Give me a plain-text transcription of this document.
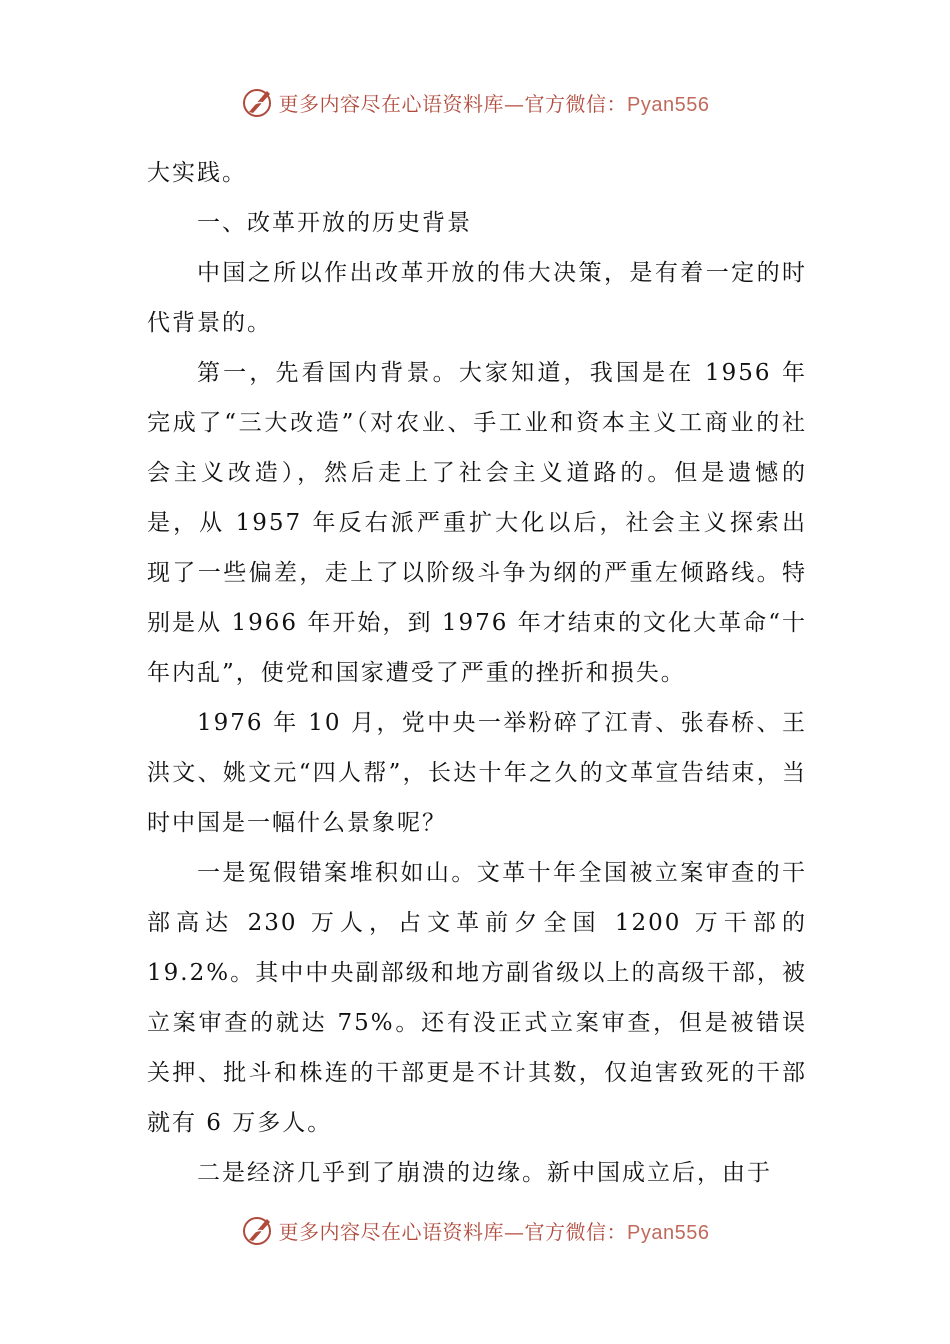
更多内容尽在心语资料库—官方微信：Pyan556

大实践。

一、改革开放的历史背景

中国之所以作出改革开放的伟大决策，是有着一定的时代背景的。

第一，先看国内背景。大家知道，我国是在 1956 年完成了“三大改造”（对农业、手工业和资本主义工商业的社会主义改造），然后走上了社会主义道路的。但是遗憾的是，从 1957 年反右派严重扩大化以后，社会主义探索出现了一些偏差，走上了以阶级斗争为纲的严重左倾路线。特别是从 1966 年开始，到 1976 年才结束的文化大革命“十年内乱”，使党和国家遭受了严重的挫折和损失。

1976 年 10 月，党中央一举粉碎了江青、张春桥、王洪文、姚文元“四人帮”，长达十年之久的文革宣告结束，当时中国是一幅什么景象呢？

一是冤假错案堆积如山。文革十年全国被立案审查的干部高达 230 万人，占文革前夕全国 1200 万干部的 19.2%。其中中央副部级和地方副省级以上的高级干部，被立案审查的就达 75%。还有没正式立案审查，但是被错误关押、批斗和株连的干部更是不计其数，仅迫害致死的干部就有 6 万多人。

二是经济几乎到了崩溃的边缘。新中国成立后，由于

更多内容尽在心语资料库—官方微信：Pyan556
